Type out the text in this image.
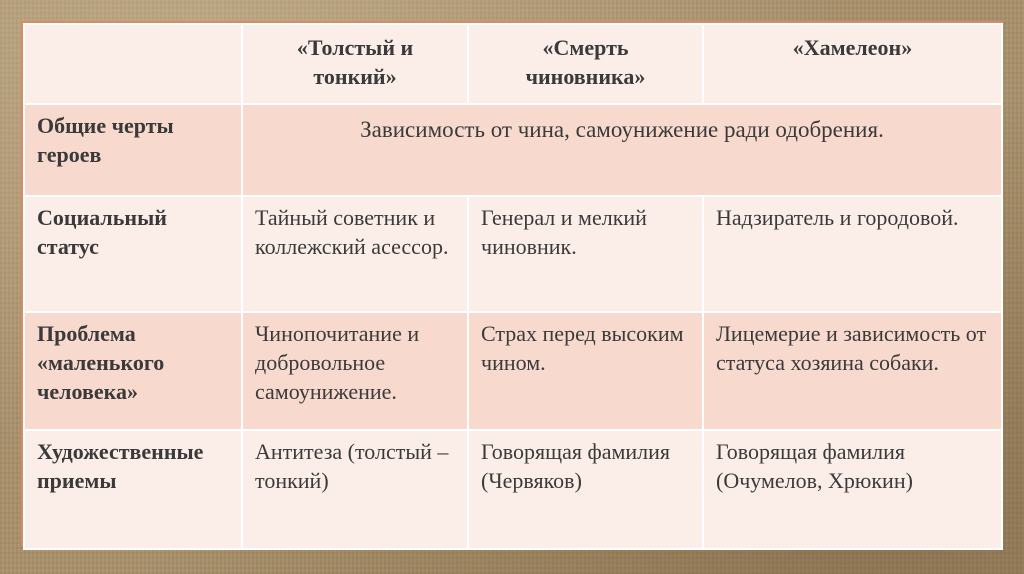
	«Толстый и тонкий»	«Смерть чиновника»	«Хамелеон»
Общие черты героев	Зависимость от чина, самоунижение ради одобрения.		
Социальный статус	Тайный советник и коллежский асессор.	Генерал и мелкий чиновник.	Надзиратель и городовой.
Проблема «маленького человека»	Чинопочитание и добровольное самоунижение.	Страх перед высоким чином.	Лицемерие и зависимость от статуса хозяина собаки.
Художественные приемы	Антитеза (толстый – тонкий)	Говорящая фамилия (Червяков)	Говорящая фамилия (Очумелов, Хрюкин)
